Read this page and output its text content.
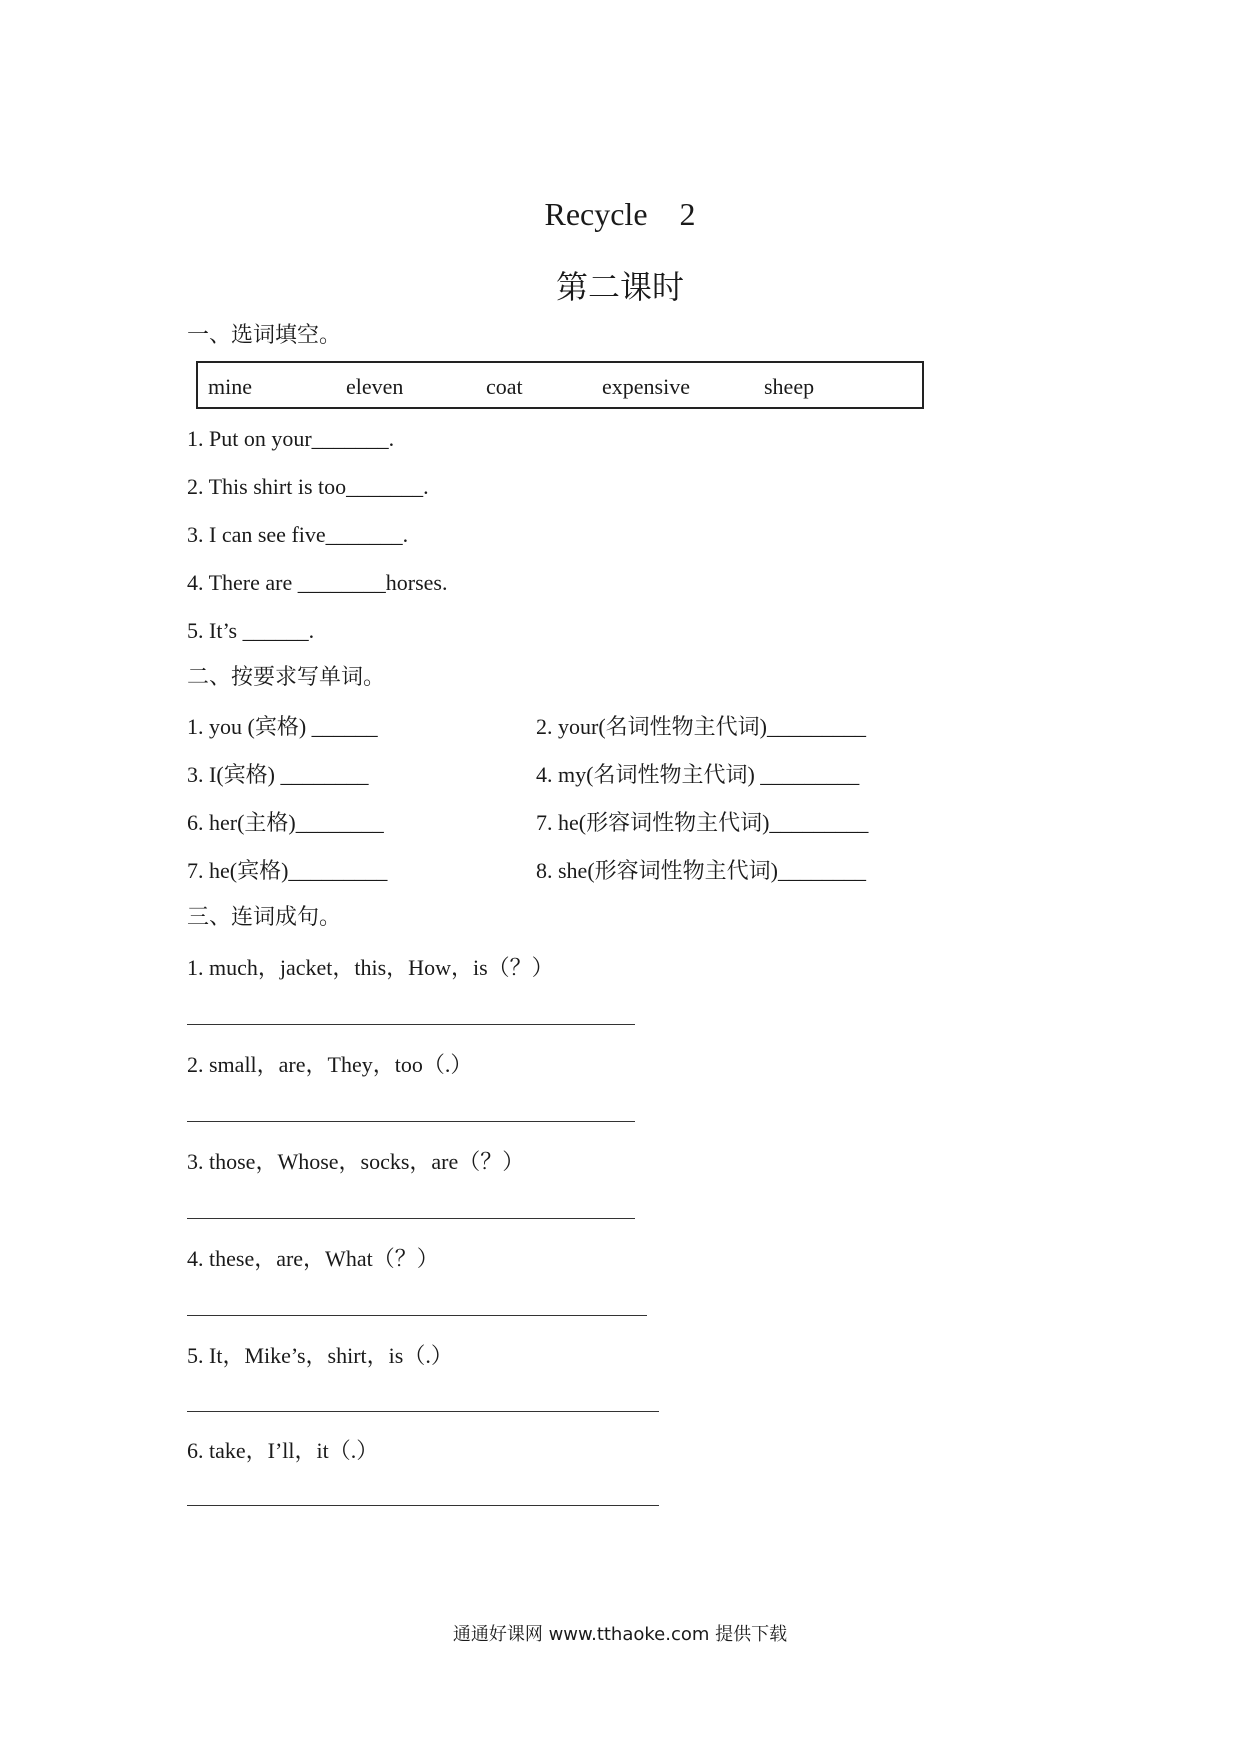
Recycle    2
第二课时
一、选词填空。
mine	eleven	coat	expensive	sheep
1. Put on your_______.
2. This shirt is too_______.
3. I can see five_______.
4. There are ________horses.
5. It’s ______.
二、按要求写单词。
1. you (宾格) ______	2. your(名词性物主代词)_________
3. I(宾格) ________	4. my(名词性物主代词) _________
6. her(主格)________	7. he(形容词性物主代词)_________
7. he(宾格)_________	8. she(形容词性物主代词)________
三、连词成句。
1. much，jacket，this，How，is（？）
2. small，are，They，too（.）
3. those，Whose，socks，are（？）
4. these，are，What（？）
5. It，Mike’s，shirt，is（.）
6. take，I’ll，it（.）
通通好课网 www.tthaoke.com 提供下载
